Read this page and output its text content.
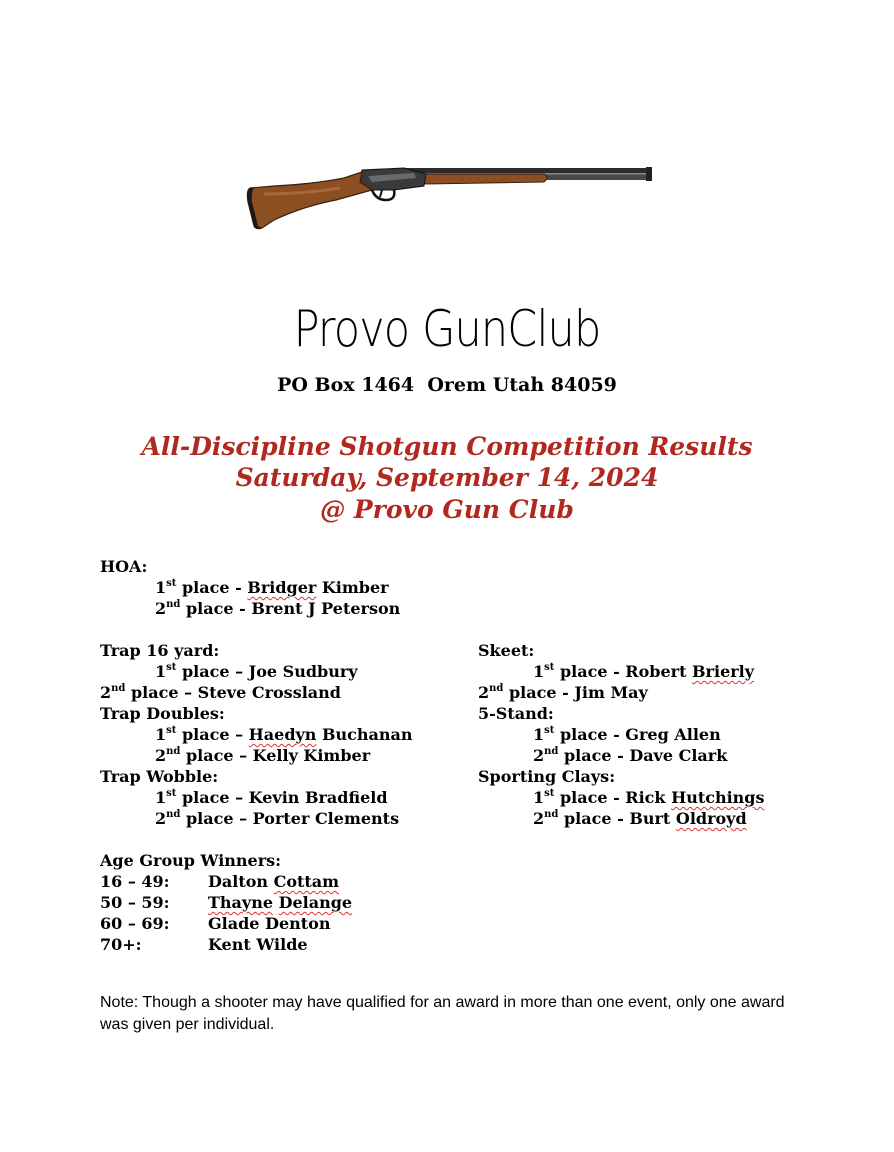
Provo GunClub
PO Box 1464  Orem Utah 84059
All-Discipline Shotgun Competition Results
Saturday, September 14, 2024
@ Provo Gun Club
HOA:
1st place - Bridger Kimber
2nd place - Brent J Peterson
Trap 16 yard:
1st place – Joe Sudbury
2nd place – Steve Crossland
Trap Doubles:
1st place – Haedyn Buchanan
2nd place – Kelly Kimber
Trap Wobble:
1st place – Kevin Bradfield
2nd place – Porter Clements
Skeet:
1st place - Robert Brierly
2nd place - Jim May
5-Stand:
1st place - Greg Allen
2nd place - Dave Clark
Sporting Clays:
1st place - Rick Hutchings
2nd place - Burt Oldroyd
Age Group Winners:
16 – 49: Dalton Cottam
50 – 59: Thayne Delange
60 – 69: Glade Denton
70+:	Kent Wilde
Note: Though a shooter may have qualified for an award in more than one event, only one award was given per individual.
